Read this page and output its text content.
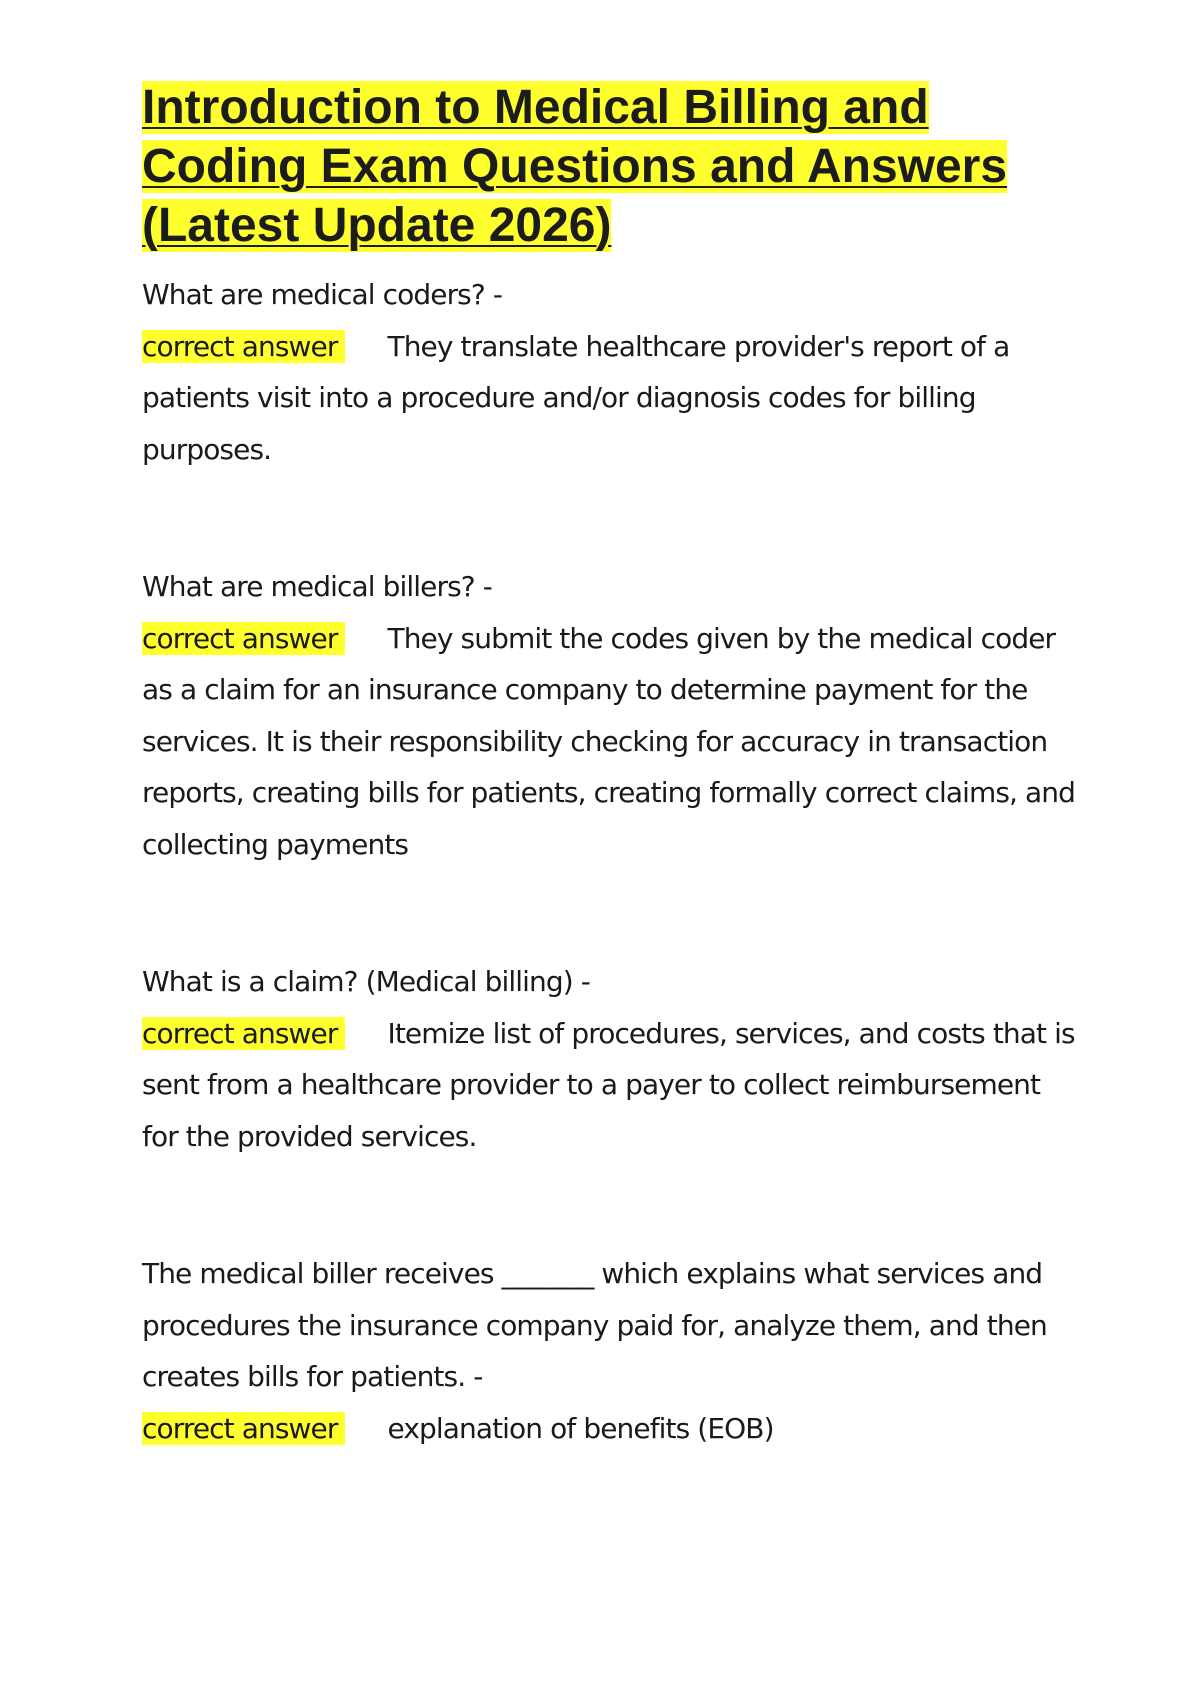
Introduction to Medical Billing and Coding Exam Questions and Answers (Latest Update 2026)

What are medical coders? -

correct answer They translate healthcare provider's report of a patients visit into a procedure and/or diagnosis codes for billing purposes.

What are medical billers? -

correct answer They submit the codes given by the medical coder as a claim for an insurance company to determine payment for the services. It is their responsibility checking for accuracy in transaction reports, creating bills for patients, creating formally correct claims, and collecting payments

What is a claim? (Medical billing) -

correct answer Itemize list of procedures, services, and costs that is sent from a healthcare provider to a payer to collect reimbursement for the provided services.

The medical biller receives _______ which explains what services and procedures the insurance company paid for, analyze them, and then creates bills for patients. -

correct answer explanation of benefits (EOB)
